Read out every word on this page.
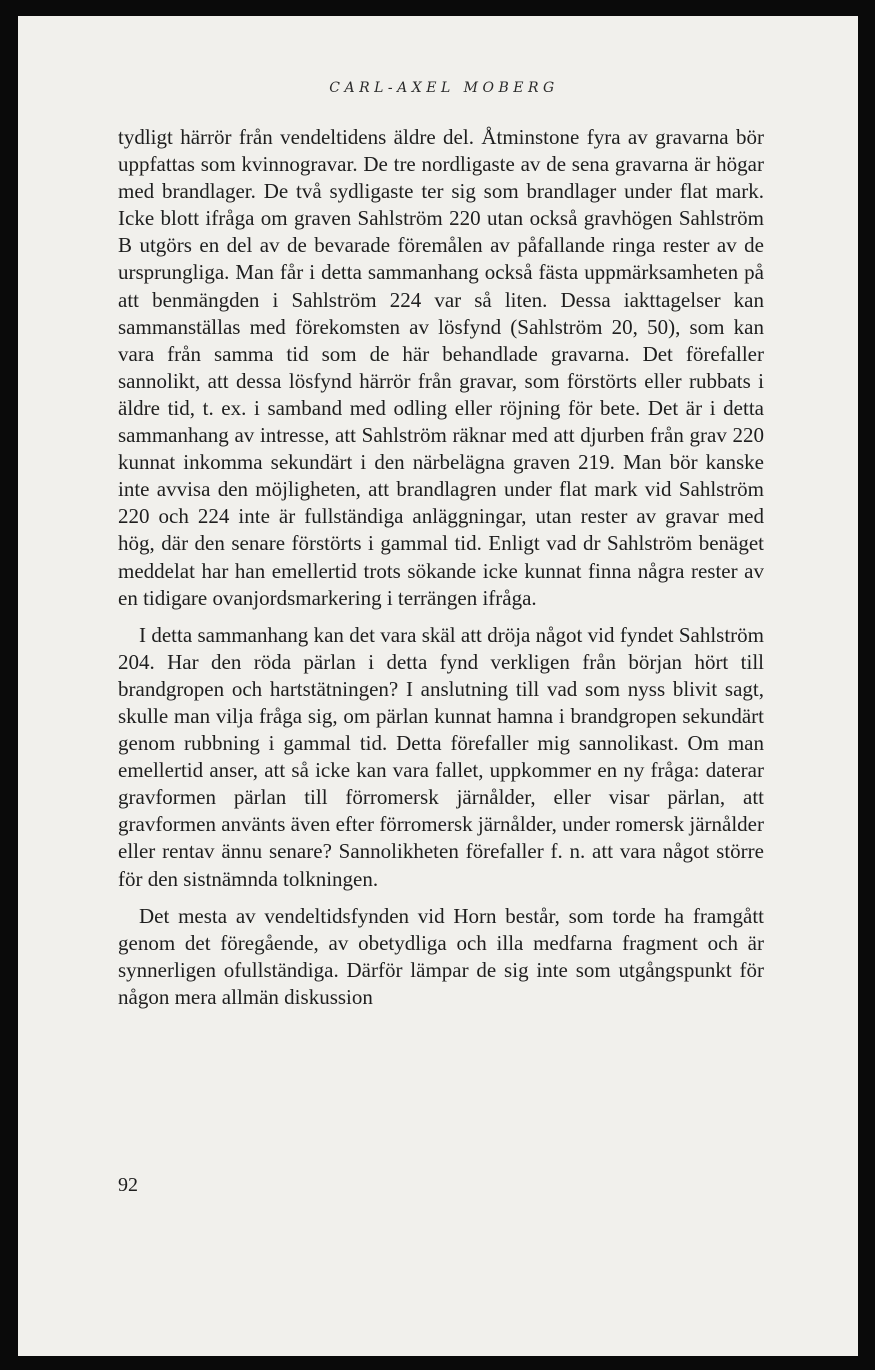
CARL-AXEL MOBERG

tydligt härrör från vendeltidens äldre del. Åtminstone fyra av gravarna bör uppfattas som kvinnogravar. De tre nordligaste av de sena gravarna är högar med brandlager. De två sydligaste ter sig som brandlager under flat mark. Icke blott ifråga om graven Sahlström 220 utan också gravhögen Sahlström B utgörs en del av de bevarade föremålen av påfallande ringa rester av de ursprungliga. Man får i detta sammanhang också fästa uppmärksamheten på att benmängden i Sahlström 224 var så liten. Dessa iakttagelser kan sammanställas med förekomsten av lösfynd (Sahlström 20, 50), som kan vara från samma tid som de här behandlade gravarna. Det förefaller sannolikt, att dessa lösfynd härrör från gravar, som förstörts eller rubbats i äldre tid, t. ex. i samband med odling eller röjning för bete. Det är i detta sammanhang av intresse, att Sahlström räknar med att djurben från grav 220 kunnat inkomma sekundärt i den närbelägna graven 219. Man bör kanske inte avvisa den möjligheten, att brandlagren under flat mark vid Sahlström 220 och 224 inte är fullständiga anläggningar, utan rester av gravar med hög, där den senare förstörts i gammal tid. Enligt vad dr Sahlström benäget meddelat har han emellertid trots sökande icke kunnat finna några rester av en tidigare ovanjordsmarkering i terrängen ifråga.

I detta sammanhang kan det vara skäl att dröja något vid fyndet Sahlström 204. Har den röda pärlan i detta fynd verkligen från början hört till brandgropen och hartstätningen? I anslutning till vad som nyss blivit sagt, skulle man vilja fråga sig, om pärlan kunnat hamna i brandgropen sekundärt genom rubbning i gammal tid. Detta förefaller mig sannolikast. Om man emellertid anser, att så icke kan vara fallet, uppkommer en ny fråga: daterar gravformen pärlan till förromersk järnålder, eller visar pärlan, att gravformen använts även efter förromersk järnålder, under romersk järnålder eller rentav ännu senare? Sannolikheten förefaller f. n. att vara något större för den sistnämnda tolkningen.

Det mesta av vendeltidsfynden vid Horn består, som torde ha framgått genom det föregående, av obetydliga och illa medfarna fragment och är synnerligen ofullständiga. Därför lämpar de sig inte som utgångspunkt för någon mera allmän diskussion

92
